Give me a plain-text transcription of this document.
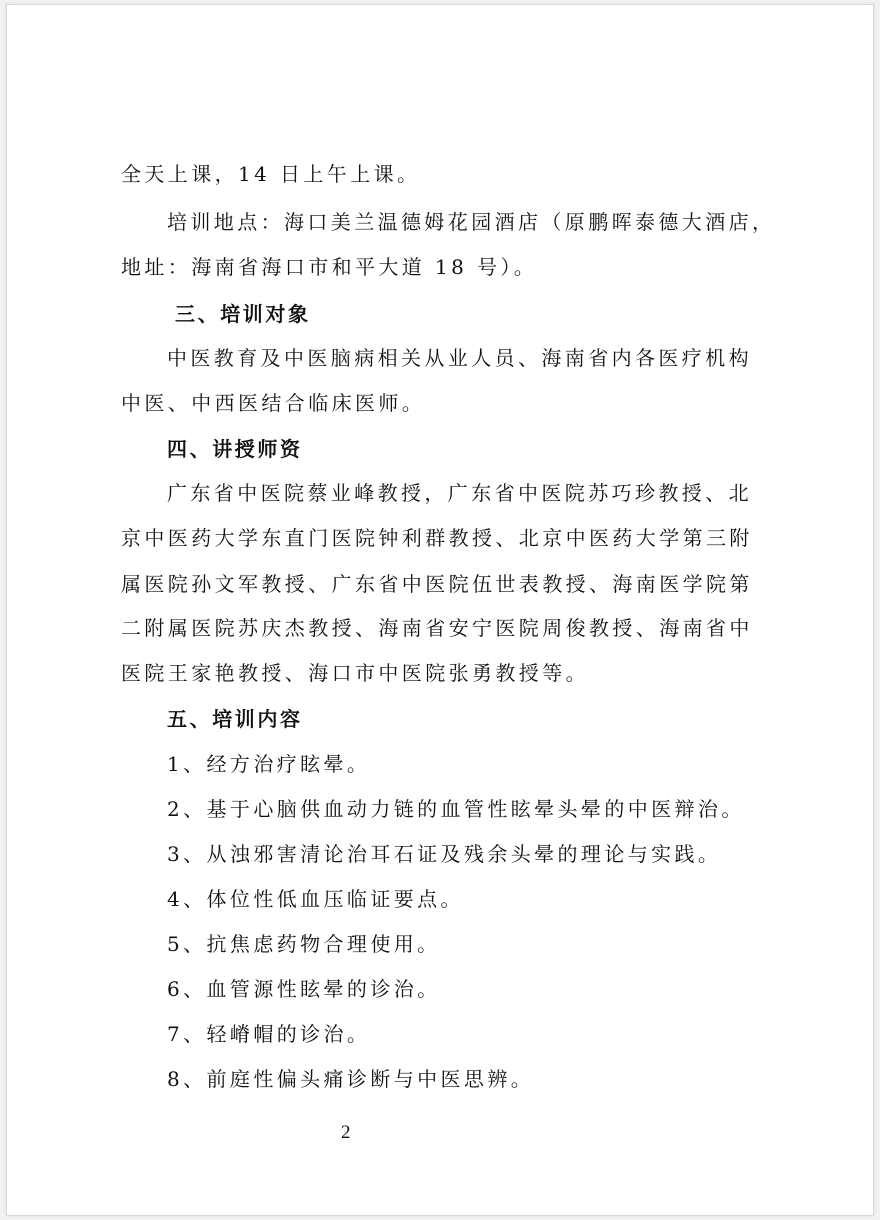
全天上课，14 日上午上课。
培训地点：海口美兰温德姆花园酒店（原鹏晖泰德大酒店，
地址：海南省海口市和平大道 18 号）。
三、培训对象
中医教育及中医脑病相关从业人员、海南省内各医疗机构
中医、中西医结合临床医师。
四、讲授师资
广东省中医院蔡业峰教授，广东省中医院苏巧珍教授、北
京中医药大学东直门医院钟利群教授、北京中医药大学第三附
属医院孙文军教授、广东省中医院伍世表教授、海南医学院第
二附属医院苏庆杰教授、海南省安宁医院周俊教授、海南省中
医院王家艳教授、海口市中医院张勇教授等。
五、培训内容
1、经方治疗眩晕。
2、基于心脑供血动力链的血管性眩晕头晕的中医辩治。
3、从浊邪害清论治耳石证及残余头晕的理论与实践。
4、体位性低血压临证要点。
5、抗焦虑药物合理使用。
6、血管源性眩晕的诊治。
7、轻嵴帽的诊治。
8、前庭性偏头痛诊断与中医思辨。
2
